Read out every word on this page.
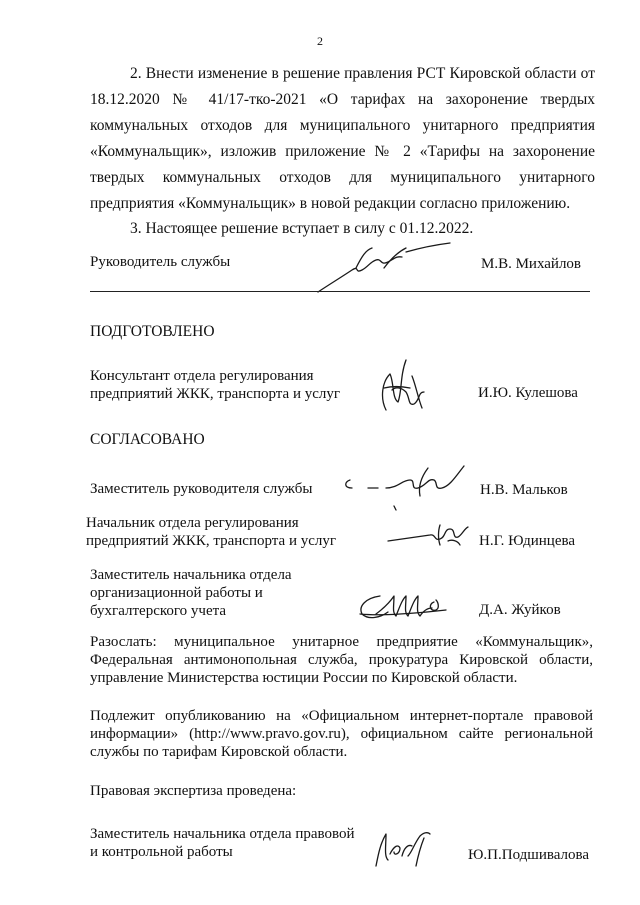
2
2. Внести изменение в решение правления РСТ Кировской области от
18.12.2020 № 41/17-тко-2021 «О тарифах на захоронение твердых
коммунальных отходов для муниципального унитарного предприятия
«Коммунальщик», изложив приложение № 2 «Тарифы на захоронение
твердых коммунальных отходов для муниципального унитарного
предприятия «Коммунальщик» в новой редакции согласно приложению.
3. Настоящее решение вступает в силу с 01.12.2022.
Руководитель службы	М.В. Михайлов
ПОДГОТОВЛЕНО
Консультант отдела регулирования
предприятий ЖКК, транспорта и услуг	И.Ю. Кулешова
СОГЛАСОВАНО
Заместитель руководителя службы	Н.В. Мальков
Начальник отдела регулирования
предприятий ЖКК, транспорта и услуг	Н.Г. Юдинцева
Заместитель начальника отдела
организационной работы и
бухгалтерского учета	Д.А. Жуйков
Разослать: муниципальное унитарное предприятие «Коммунальщик»,
Федеральная антимонопольная служба, прокуратура Кировской области,
управление Министерства юстиции России по Кировской области.
Подлежит опубликованию на «Официальном интернет-портале правовой
информации» (http://www.pravo.gov.ru), официальном сайте региональной
службы по тарифам Кировской области.
Правовая экспертиза проведена:
Заместитель начальника отдела правовой
и контрольной работы	Ю.П.Подшивалова
